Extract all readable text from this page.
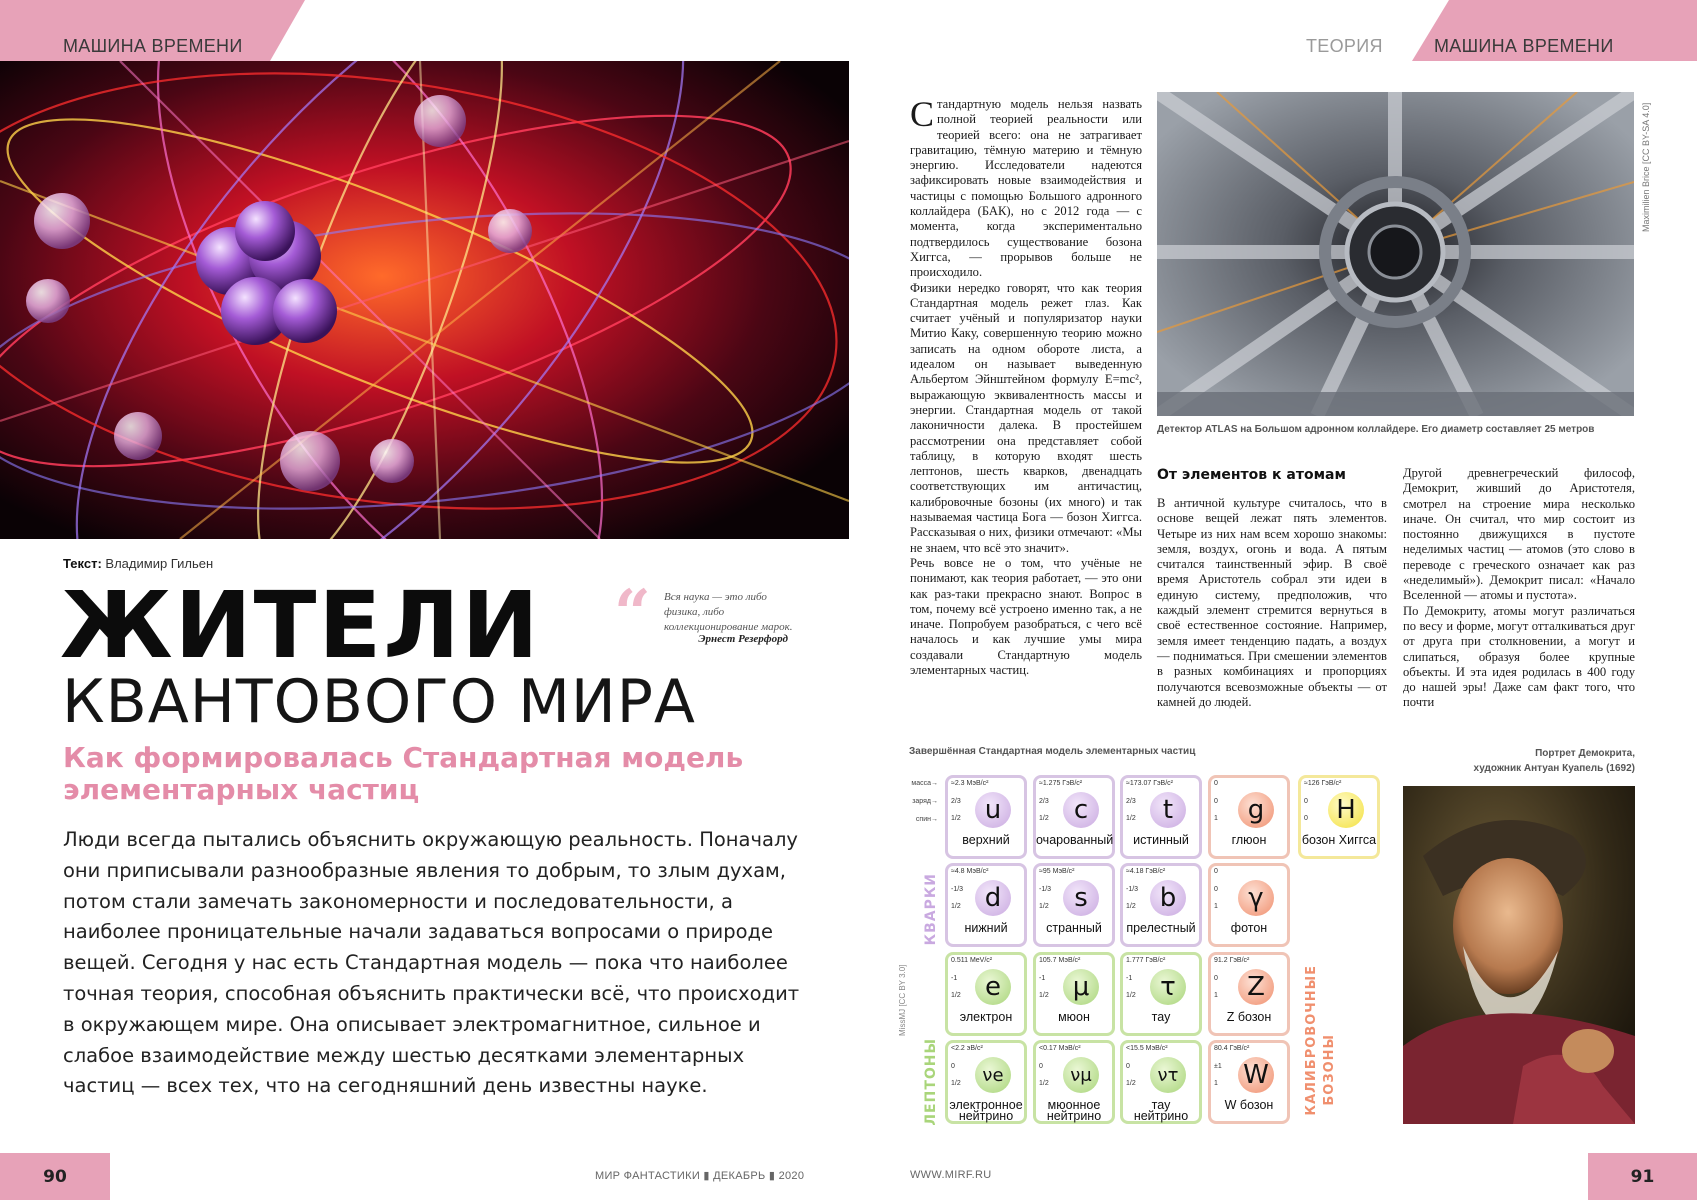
МАШИНА ВРЕМЕНИ
Текст: Владимир Гильен
ЖИТЕЛИ
КВАНТОВОГО МИРА
Как формировалась Стандартная модель элементарных частиц
Люди всегда пытались объяснить окружающую реальность. Поначалу они приписывали разнообразные явления то добрым, то злым духам, потом стали замечать закономерности и последовательности, а наиболее проницательные начали задаваться вопросами о природе вещей. Сегодня у нас есть Стандартная модель — пока что наиболее точная теория, способная объяснить практически всё, что происходит в окружающем мире. Она описывает электромагнитное, сильное и слабое взаимодействие между шестью десятками элементарных частиц — всех тех, что на сегодняшний день известны науке.
“ Вся наука — это либо физика, либо коллекционирование марок.
Эрнест Резерфорд
90	МИР ФАНТАСТИКИ ▮ ДЕКАБРЬ ▮ 2020
ТЕОРИЯ	МАШИНА ВРЕМЕНИ
Стандартную модель нельзя назвать полной теорией реальности или теорией всего: она не затрагивает гравитацию, тёмную материю и тёмную энергию. Исследователи надеются зафиксировать новые взаимодействия и частицы с помощью Большого адронного коллайдера (БАК), но с 2012 года — с момента, когда экспериментально подтвердилось существование бозона Хиггса, — прорывов больше не происходило.
Физики нередко говорят, что как теория Стандартная модель режет глаз. Как считает учёный и популяризатор науки Митио Каку, совершенную теорию можно записать на одном обороте листа, а идеалом он называет выведенную Альбертом Эйнштейном формулу E=mc², выражающую эквивалентность массы и энергии. Стандартная модель от такой лаконичности далека. В простейшем рассмотрении она представляет собой таблицу, в которую входят шесть лептонов, шесть кварков, двенадцать соответствующих им античастиц, калибровочные бозоны (их много) и так называемая частица Бога — бозон Хиггса. Рассказывая о них, физики отмечают: «Мы не знаем, что всё это значит».
Речь вовсе не о том, что учёные не понимают, как теория работает, — это они как раз-таки прекрасно знают. Вопрос в том, почему всё устроено именно так, а не иначе. Попробуем разобраться, с чего всё началось и как лучшие умы мира создавали Стандартную модель элементарных частиц.
Детектор ATLAS на Большом адронном коллайдере. Его диаметр составляет 25 метров
Maximilien Brice [CC BY-SA 4.0]
От элементов к атомам
В античной культуре считалось, что в основе вещей лежат пять элементов. Четыре из них нам всем хорошо знакомы: земля, воздух, огонь и вода. А пятым считался таинственный эфир. В своё время Аристотель собрал эти идеи в единую систему, предположив, что каждый элемент стремится вернуться в своё естественное состояние. Например, земля имеет тенденцию падать, а воздух — подниматься. При смешении элементов в разных комбинациях и пропорциях получаются всевозможные объекты — от камней до людей.
Другой древнегреческий философ, Демокрит, живший до Аристотеля, смотрел на строение мира несколько иначе. Он считал, что мир состоит из постоянно движущихся в пустоте неделимых частиц — атомов (это слово в переводе с греческого означает как раз «неделимый»). Демокрит писал: «Начало Вселенной — атомы и пустота».
По Демокриту, атомы могут различаться по весу и форме, могут отталкиваться друг от друга при столкновении, а могут и слипаться, образуя более крупные объекты. И эта идея родилась в 400 году до нашей эры! Даже сам факт того, что почти
Завершённая Стандартная модель элементарных частиц
MissMJ [CC BY 3.0]
масса→
заряд→
спин→
КВАРКИ
ЛЕПТОНЫ	КАЛИБРОВОЧНЫЕ БОЗОНЫ
≈2.3 МэВ/c²
2/3
1/2 u
верхний
≈1.275 ГэВ/c²
2/3
1/2 c
очарованный
≈173.07 ГэВ/c²
2/3
1/2	t
истинный
0
0
1	g
глюон
≈126 ГэВ/c²
0
0	H
бозон Хиггса
≈4.8 МэВ/c²
-1/3
1/2 d
нижний
≈95 МэВ/c²
-1/3
1/2 s
странный
≈4.18 ГэВ/c²
-1/3
1/2 b
прелестный
0
0
1	γ
фотон
0.511 MeV/c²
-1
1/2 e
электрон
105.7 МэВ/c²
-1
1/2 μ
мюон
1.777 ГэВ/c²
-1
1/2 τ
тау
91.2 ГэВ/c²
0
1	Z
Z бозон
<2.2 эВ/c²
0
1/2	νe
электронное нейтрино
<0.17 МэВ/c²
0
1/2	νμ
мюонное нейтрино
<15.5 МэВ/c²
0
1/2	ντ
тау нейтрино
80.4 ГэВ/c²
±1
1 W
W бозон
Портрет Демокрита,
художник Антуан Куапель (1692)
91
WWW.MIRF.RU
